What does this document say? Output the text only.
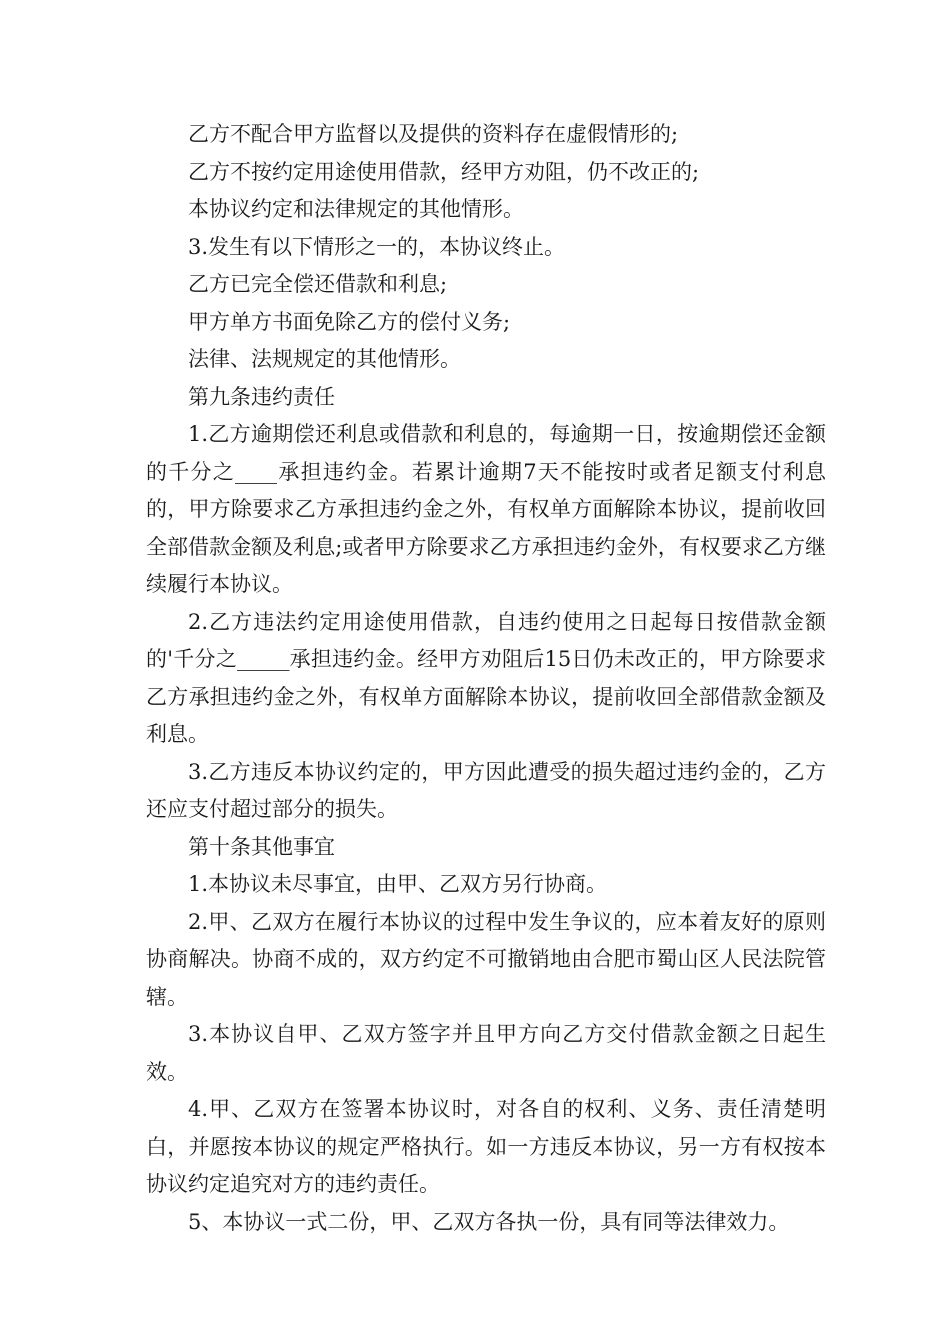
乙方不配合甲方监督以及提供的资料存在虚假情形的;

乙方不按约定用途使用借款，经甲方劝阻，仍不改正的;

本协议约定和法律规定的其他情形。

3.发生有以下情形之一的，本协议终止。

乙方已完全偿还借款和利息;

甲方单方书面免除乙方的偿付义务;

法律、法规规定的其他情形。

第九条违约责任

1.乙方逾期偿还利息或借款和利息的，每逾期一日，按逾期偿还金额的千分之____承担违约金。若累计逾期7天不能按时或者足额支付利息的，甲方除要求乙方承担违约金之外，有权单方面解除本协议，提前收回全部借款金额及利息;或者甲方除要求乙方承担违约金外，有权要求乙方继续履行本协议。

2.乙方违法约定用途使用借款，自违约使用之日起每日按借款金额的'千分之_____承担违约金。经甲方劝阻后15日仍未改正的，甲方除要求乙方承担违约金之外，有权单方面解除本协议，提前收回全部借款金额及利息。

3.乙方违反本协议约定的，甲方因此遭受的损失超过违约金的，乙方还应支付超过部分的损失。

第十条其他事宜

1.本协议未尽事宜，由甲、乙双方另行协商。

2.甲、乙双方在履行本协议的过程中发生争议的，应本着友好的原则协商解决。协商不成的，双方约定不可撤销地由合肥市蜀山区人民法院管辖。

3.本协议自甲、乙双方签字并且甲方向乙方交付借款金额之日起生效。

4.甲、乙双方在签署本协议时，对各自的权利、义务、责任清楚明白，并愿按本协议的规定严格执行。如一方违反本协议，另一方有权按本协议约定追究对方的违约责任。

5、本协议一式二份，甲、乙双方各执一份，具有同等法律效力。
